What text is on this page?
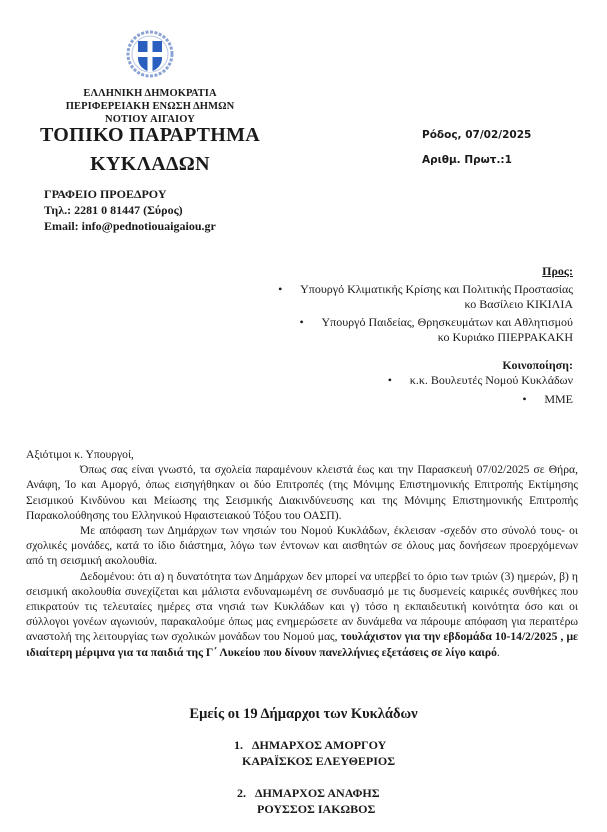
ΕΛΛΗΝΙΚΗ ΔΗΜΟΚΡΑΤΙΑ
ΠΕΡΙΦΕΡΕΙΑΚΗ ΕΝΩΣΗ ΔΗΜΩΝ
ΝΟΤΙΟΥ ΑΙΓΑΙΟΥ
ΤΟΠΙΚΟ ΠΑΡΑΡΤΗΜΑ
ΚΥΚΛΑΔΩΝ
ΓΡΑΦΕΙΟ ΠΡΟΕΔΡΟΥ
Τηλ.: 2281 0 81447 (Σύρος)
Email: info@pednotiouaigaiou.gr
Ρόδος, 07/02/2025
Αριθμ. Πρωτ.:1
Προς:
• Υπουργό Κλιματικής Κρίσης και Πολιτικής Προστασίας
κο Βασίλειο ΚΙΚΙΛΙΑ
• Υπουργό Παιδείας, Θρησκευμάτων και Αθλητισμού
κο Κυριάκο ΠΙΕΡΡΑΚΑΚΗ
Κοινοποίηση:
• κ.κ. Βουλευτές Νομού Κυκλάδων
• ΜΜΕ

Αξιότιμοι κ. Υπουργοί,

Όπως σας είναι γνωστό, τα σχολεία παραμένουν κλειστά έως και την Παρασκευή 07/02/2025 σε Θήρα, Ανάφη, Ίο και Αμοργό, όπως εισηγήθηκαν οι δύο Επιτροπές (της Μόνιμης Επιστημονικής Επιτροπής Εκτίμησης Σεισμικού Κινδύνου και Μείωσης της Σεισμικής Διακινδύνευσης και της Μόνιμης Επιστημονικής Επιτροπής Παρακολούθησης του Ελληνικού Ηφαιστειακού Τόξου του ΟΑΣΠ).

Με απόφαση των Δημάρχων των νησιών του Νομού Κυκλάδων, έκλεισαν -σχεδόν στο σύνολό τους- οι σχολικές μονάδες, κατά το ίδιο διάστημα, λόγω των έντονων και αισθητών σε όλους μας δονήσεων προερχόμενων από τη σεισμική ακολουθία.

Δεδομένου: ότι α) η δυνατότητα των Δημάρχων δεν μπορεί να υπερβεί το όριο των τριών (3) ημερών, β) η σεισμική ακολουθία συνεχίζεται και μάλιστα ενδυναμωμένη σε συνδυασμό με τις δυσμενείς καιρικές συνθήκες που επικρατούν τις τελευταίες ημέρες στα νησιά των Κυκλάδων και γ) τόσο η εκπαιδευτική κοινότητα όσο και οι σύλλογοι γονέων αγωνιούν, παρακαλούμε όπως μας ενημερώσετε αν δυνάμεθα να πάρουμε απόφαση για περαιτέρω αναστολή της λειτουργίας των σχολικών μονάδων του Νομού μας, τουλάχιστον για την εβδομάδα 10-14/2/2025 , με ιδιαίτερη μέριμνα για τα παιδιά της Γ΄ Λυκείου που δίνουν πανελλήνιες εξετάσεις σε λίγο καιρό.

Εμείς οι 19 Δήμαρχοι των Κυκλάδων
1. ΔΗΜΑΡΧΟΣ ΑΜΟΡΓΟΥ
ΚΑΡΑΪΣΚΟΣ ΕΛΕΥΘΕΡΙΟΣ
2. ΔΗΜΑΡΧΟΣ ΑΝΑΦΗΣ
ΡΟΥΣΣΟΣ ΙΑΚΩΒΟΣ
